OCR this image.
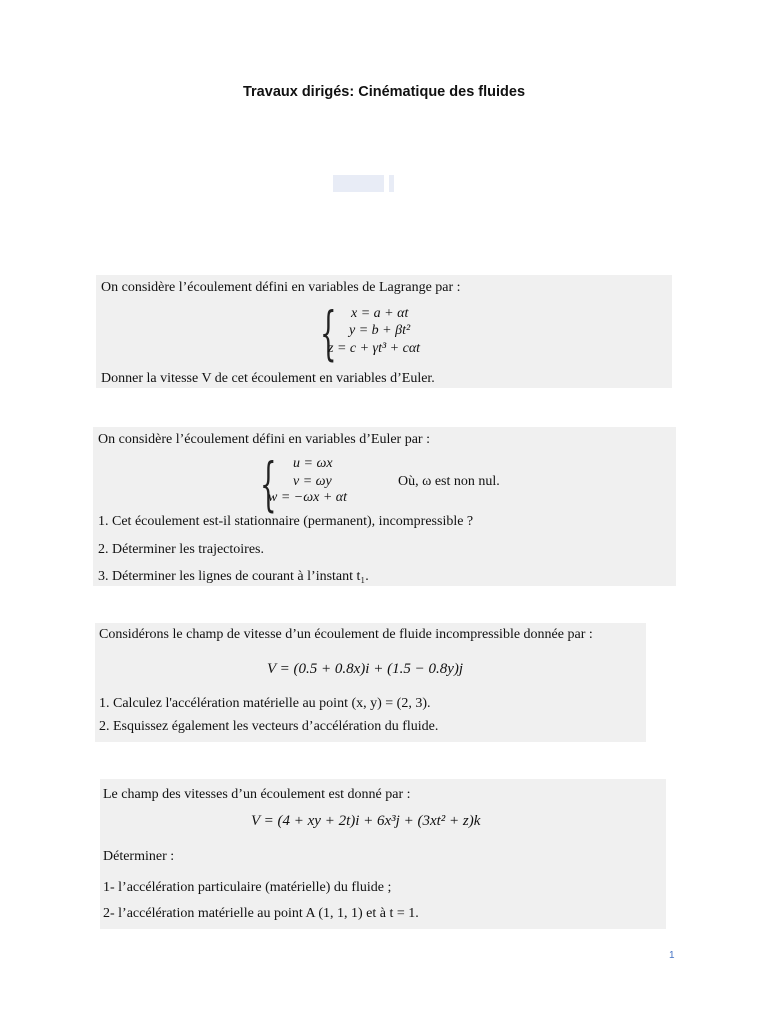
Travaux dirigés: Cinématique des fluides
On considère l’écoulement défini en variables de Lagrange par :
{ x = a + αt
y = b + βt²
z = c + γt³ + cαt
Donner la vitesse V de cet écoulement en variables d’Euler.
On considère l’écoulement défini en variables d’Euler par :
{ u = ωx
v = ωy
w = −ωx + αt
Où, ω est non nul.
1. Cet écoulement est-il stationnaire (permanent), incompressible ?
2. Déterminer les trajectoires.
3. Déterminer les lignes de courant à l’instant t₁.
Considérons le champ de vitesse d’un écoulement de fluide incompressible donnée par :
V = (0.5 + 0.8x)i + (1.5 − 0.8y)j
1. Calculez l'accélération matérielle au point (x, y) = (2, 3).
2. Esquissez également les vecteurs d’accélération du fluide.
Le champ des vitesses d’un écoulement est donné par :
V = (4 + xy + 2t)i + 6x³j + (3xt² + z)k
Déterminer :
1- l’accélération particulaire (matérielle) du fluide ;
2- l’accélération matérielle au point A (1, 1, 1) et à t = 1.
1
